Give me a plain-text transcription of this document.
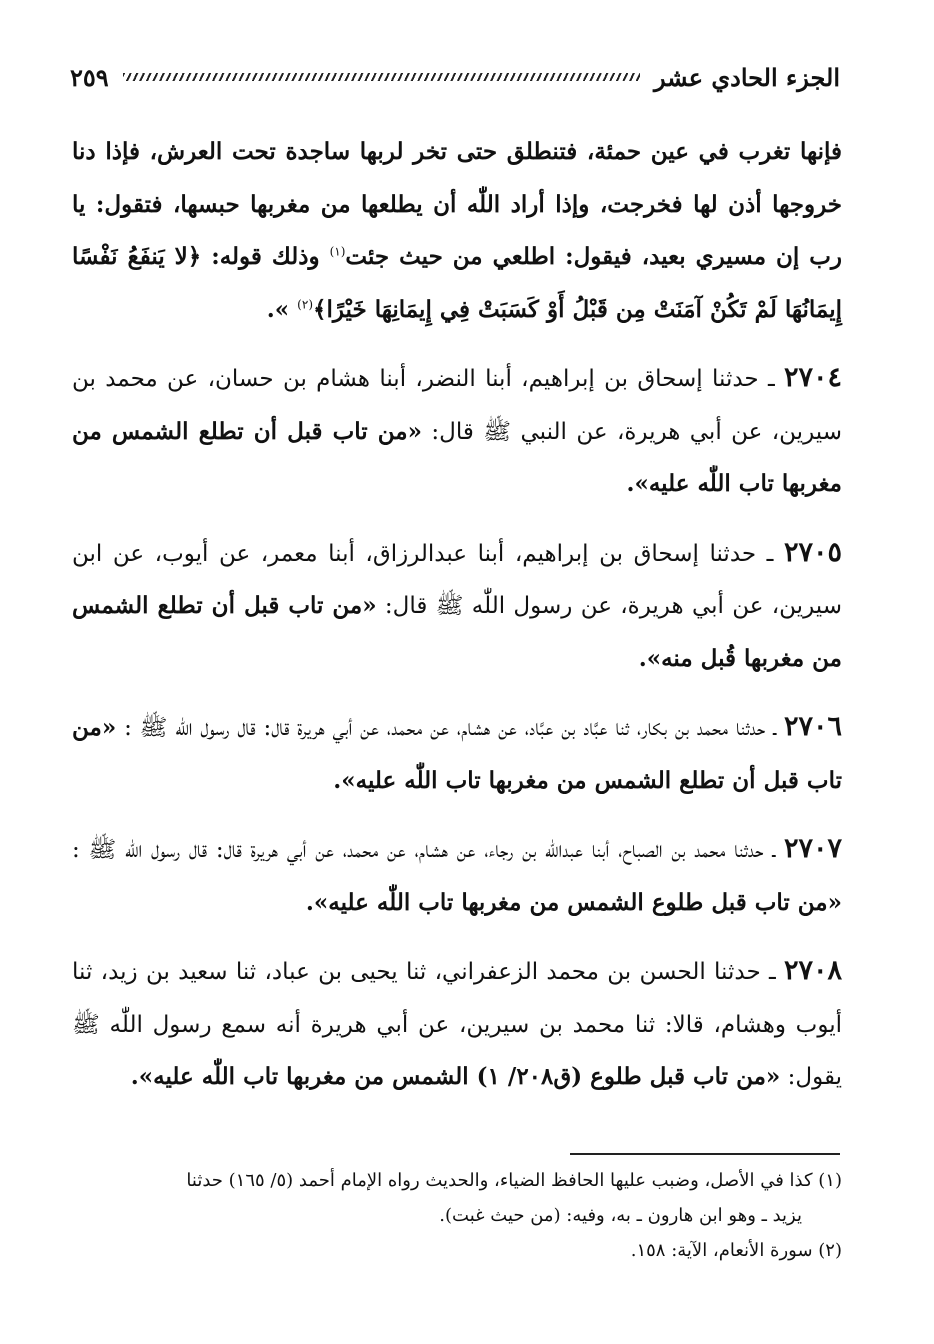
الجزء الحادي عشر
٢٥٩

فإنها تغرب في عين حمئة، فتنطلق حتى تخر لربها ساجدة تحت العرش، فإذا دنا خروجها أذن لها فخرجت، وإذا أراد اللّٰه أن يطلعها من مغربها حبسها، فتقول: يا رب إن مسيري بعيد، فيقول: اطلعي من حيث جئت$^{(١)}$ وذلك قوله: ﴿لا يَنفَعُ نَفْسًا إِيمَانُهَا لَمْ تَكُنْ آمَنَتْ مِن قَبْلُ أَوْ كَسَبَتْ فِي إِيمَانِهَا خَيْرًا﴾$^{(٢)}$ ».

٢٧٠٤ ـ حدثنا إسحاق بن إبراهيم، أبنا النضر، أبنا هشام بن حسان، عن محمد بن سيرين، عن أبي هريرة، عن النبي ﷺ قال: «من تاب قبل أن تطلع الشمس من مغربها تاب اللّٰه عليه».

٢٧٠٥ ـ حدثنا إسحاق بن إبراهيم، أبنا عبدالرزاق، أبنا معمر، عن أيوب، عن ابن سيرين، عن أبي هريرة، عن رسول اللّٰه ﷺ قال: «من تاب قبل أن تطلع الشمس من مغربها قُبل منه».

٢٧٠٦ ـ حدثنا محمد بن بكار، ثنا عبَّاد بن عبَّاد، عن هشام، عن محمد، عن أبي هريرة قال: قال رسول اللّٰه ﷺ : «من تاب قبل أن تطلع الشمس من مغربها تاب اللّٰه عليه».

٢٧٠٧ ـ حدثنا محمد بن الصباح، أبنا عبداللّٰه بن رجاء، عن هشام، عن محمد، عن أبي هريرة قال: قال رسول اللّٰه ﷺ : «من تاب قبل طلوع الشمس من مغربها تاب اللّٰه عليه».

٢٧٠٨ ـ حدثنا الحسن بن محمد الزعفراني، ثنا يحيى بن عباد، ثنا سعيد بن زيد، ثنا أيوب وهشام، قالا: ثنا محمد بن سيرين، عن أبي هريرة أنه سمع رسول اللّٰه ﷺ يقول: «من تاب قبل طلوع (ق٢٠٨/ ١) الشمس من مغربها تاب اللّٰه عليه».

(١) كذا في الأصل، وضبب عليها الحافظ الضياء، والحديث رواه الإمام أحمد (٥/ ١٦٥) حدثنا

يزيد ـ وهو ابن هارون ـ به، وفيه: (من حيث غبت).

(٢) سورة الأنعام، الآية: ١٥٨.
